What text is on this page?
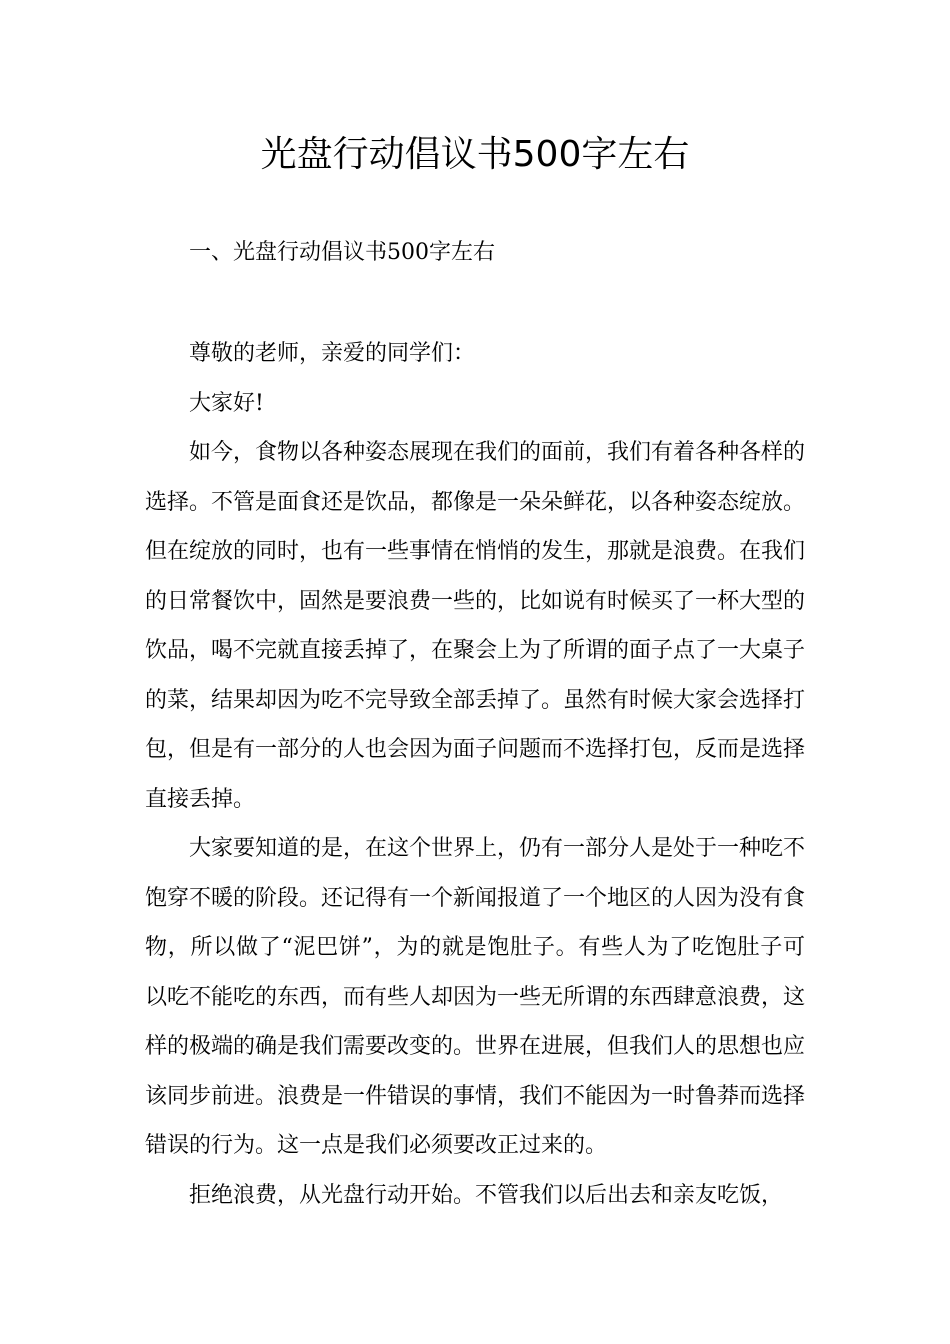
光盘行动倡议书500字左右

一、光盘行动倡议书500字左右

尊敬的老师，亲爱的同学们：

大家好!

如今，食物以各种姿态展现在我们的面前，我们有着各种各样的选择。不管是面食还是饮品，都像是一朵朵鲜花，以各种姿态绽放。但在绽放的同时，也有一些事情在悄悄的发生，那就是浪费。在我们的日常餐饮中，固然是要浪费一些的，比如说有时候买了一杯大型的饮品，喝不完就直接丢掉了，在聚会上为了所谓的面子点了一大桌子的菜，结果却因为吃不完导致全部丢掉了。虽然有时候大家会选择打包，但是有一部分的人也会因为面子问题而不选择打包，反而是选择直接丢掉。

大家要知道的是，在这个世界上，仍有一部分人是处于一种吃不饱穿不暖的阶段。还记得有一个新闻报道了一个地区的人因为没有食物，所以做了“泥巴饼”，为的就是饱肚子。有些人为了吃饱肚子可以吃不能吃的东西，而有些人却因为一些无所谓的东西肆意浪费，这样的极端的确是我们需要改变的。世界在进展，但我们人的思想也应该同步前进。浪费是一件错误的事情，我们不能因为一时鲁莽而选择错误的行为。这一点是我们必须要改正过来的。

拒绝浪费，从光盘行动开始。不管我们以后出去和亲友吃饭，
